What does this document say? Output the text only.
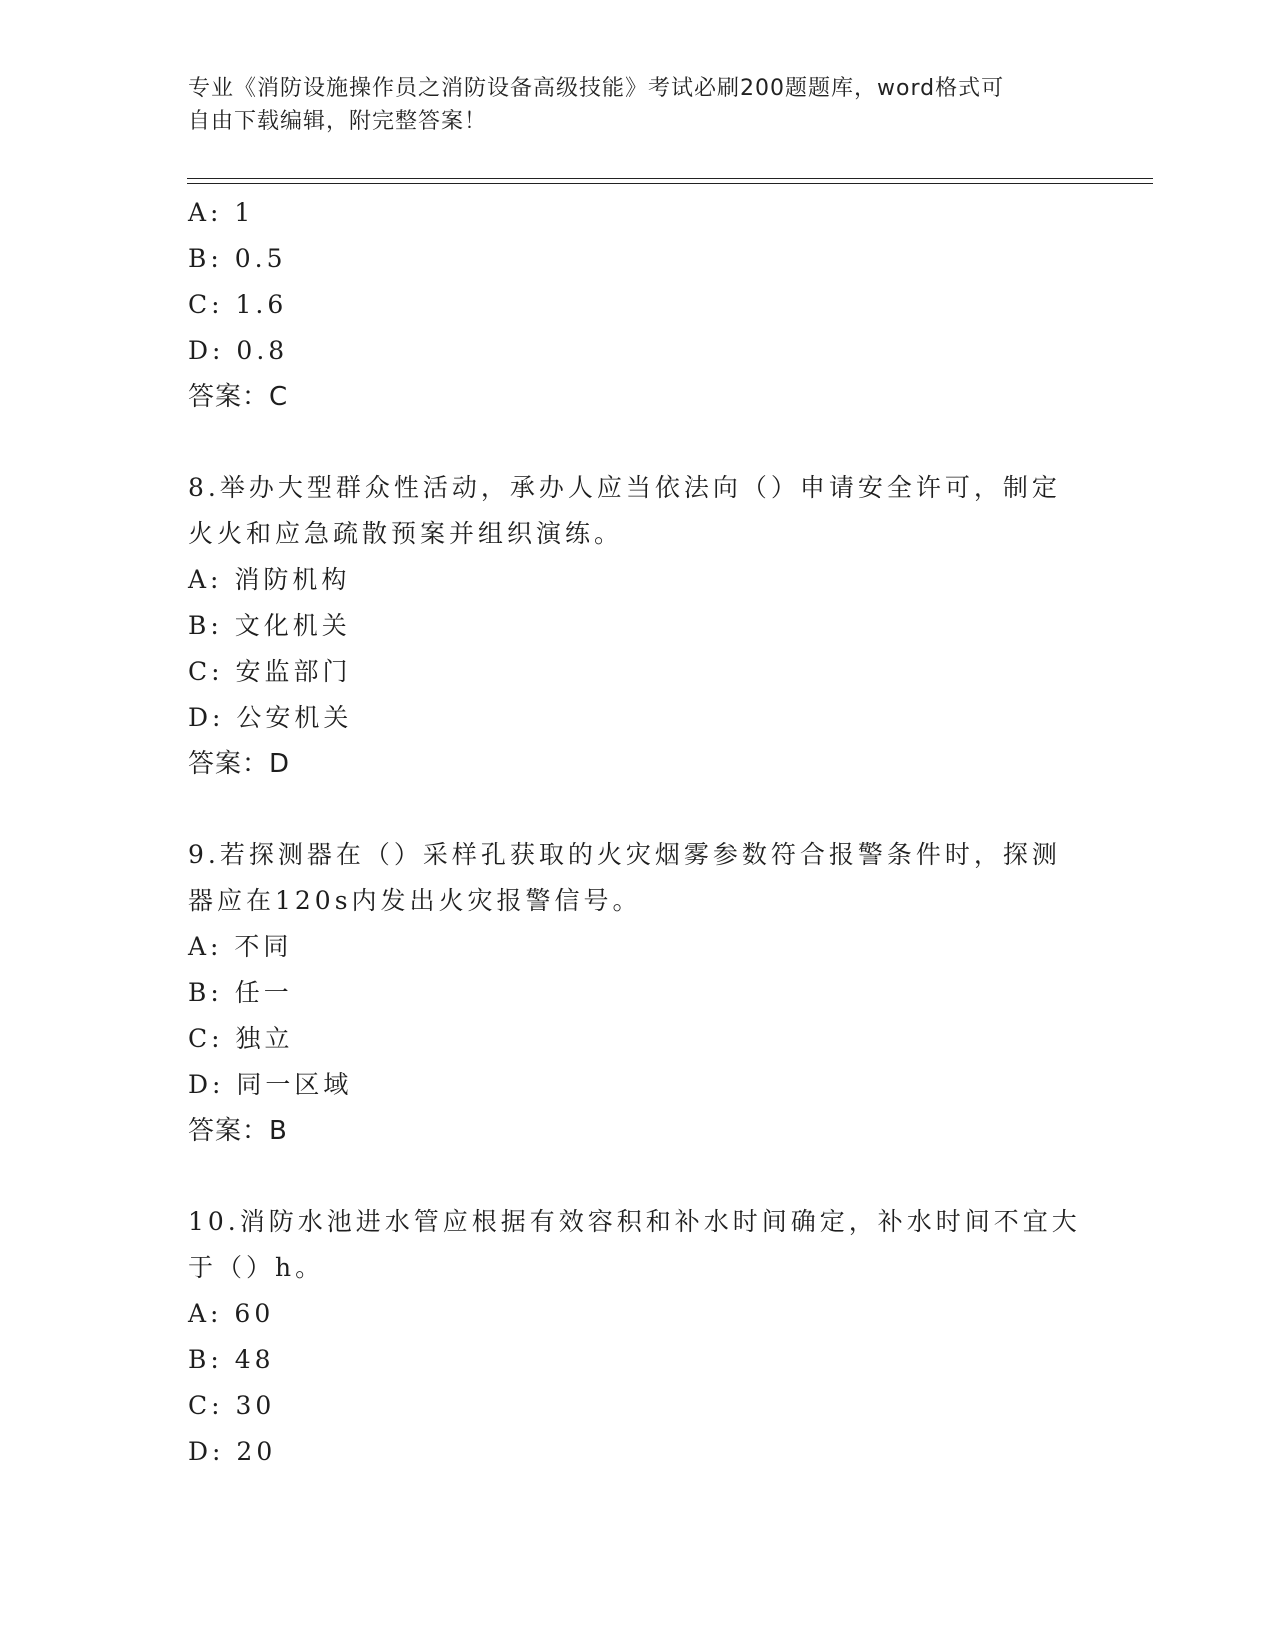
专业《消防设施操作员之消防设备高级技能》考试必刷200题题库，word格式可
自由下载编辑，附完整答案！
A: 1
B: 0.5
C: 1.6
D: 0.8
答案：C
8.举办大型群众性活动，承办人应当依法向（）申请安全许可，制定
火火和应急疏散预案并组织演练。
A: 消防机构
B: 文化机关
C: 安监部门
D: 公安机关
答案：D
9.若探测器在（）采样孔获取的火灾烟雾参数符合报警条件时，探测
器应在120s内发出火灾报警信号。
A: 不同
B: 任一
C: 独立
D: 同一区域
答案：B
10.消防水池进水管应根据有效容积和补水时间确定，补水时间不宜大
于（）h。
A: 60
B: 48
C: 30
D: 20
